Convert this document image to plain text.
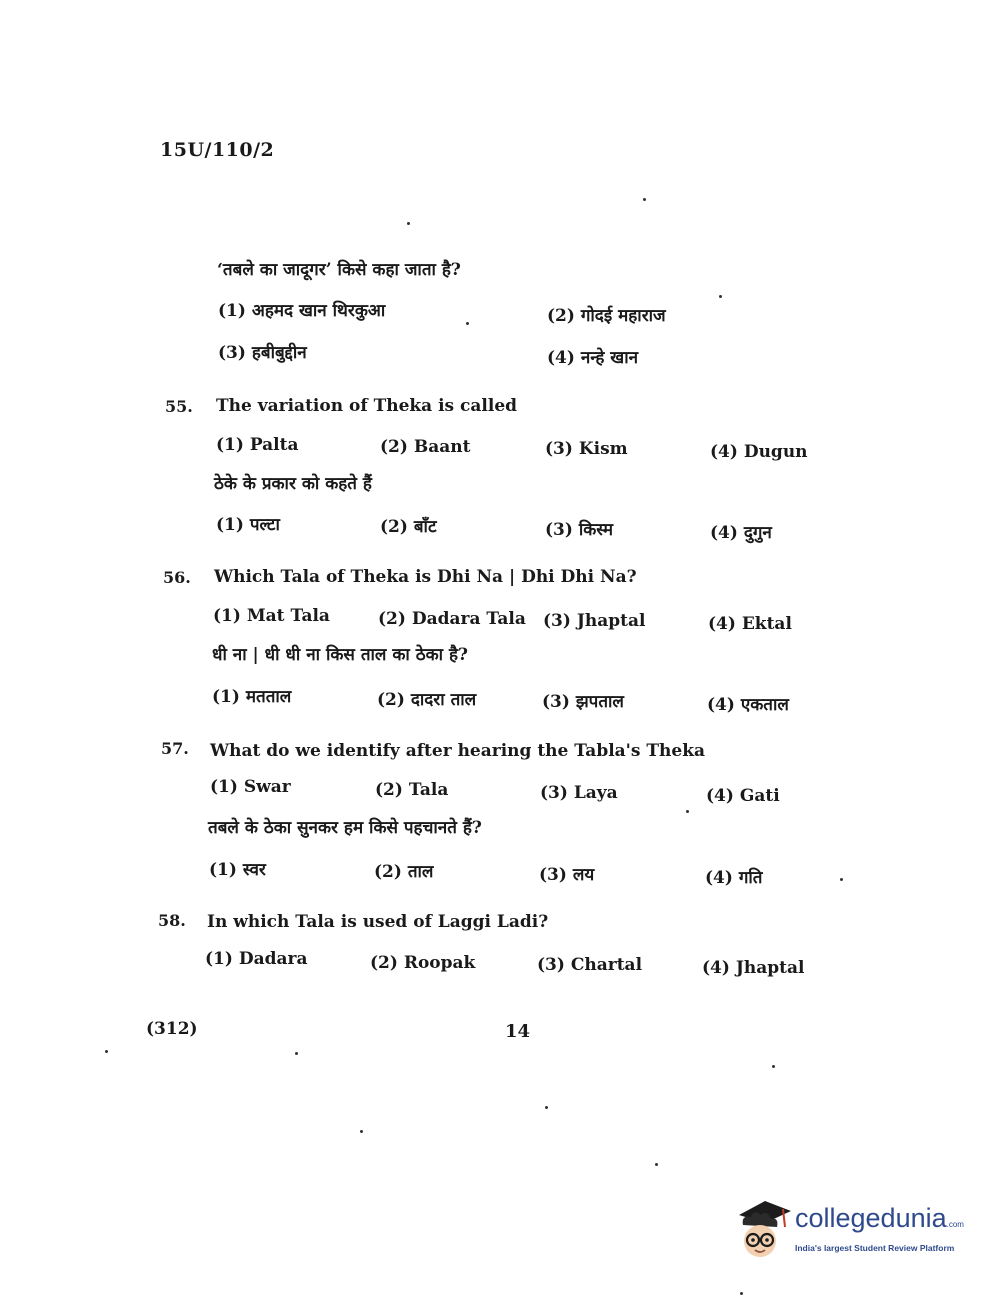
15U/110/2
‘तबले का जादूगर’ किसे कहा जाता है?
(1) अहमद खान थिरकुआ	(2) गोदई महाराज
(3) हबीबुद्दीन	(4) नन्हे खान
55. The variation of Theka is called
(1) Palta	(2) Baant	(3) Kism	(4) Dugun
ठेके के प्रकार को कहते हैं
(1) पल्टा	(2) बाँट	(3) किस्म	(4) दुगुन
56. Which Tala of Theka is Dhi Na | Dhi Dhi Na?
(1) Mat Tala	(2) Dadara Tala (3) Jhaptal	(4) Ektal
धी ना | धी धी ना किस ताल का ठेका है?
(1) मतताल	(2) दादरा ताल	(3) झपताल	(4) एकताल
57. What do we identify after hearing the Tabla's Theka
(1) Swar	(2) Tala	(3) Laya	(4) Gati
तबले के ठेका सुनकर हम किसे पहचानते हैं?
(1) स्वर	(2) ताल	(3) लय	(4) गति
58. In which Tala is used of Laggi Ladi?
(1) Dadara	(2) Roopak	(3) Chartal	(4) Jhaptal
(312)	14
collegedunia.com
India's largest Student Review Platform
